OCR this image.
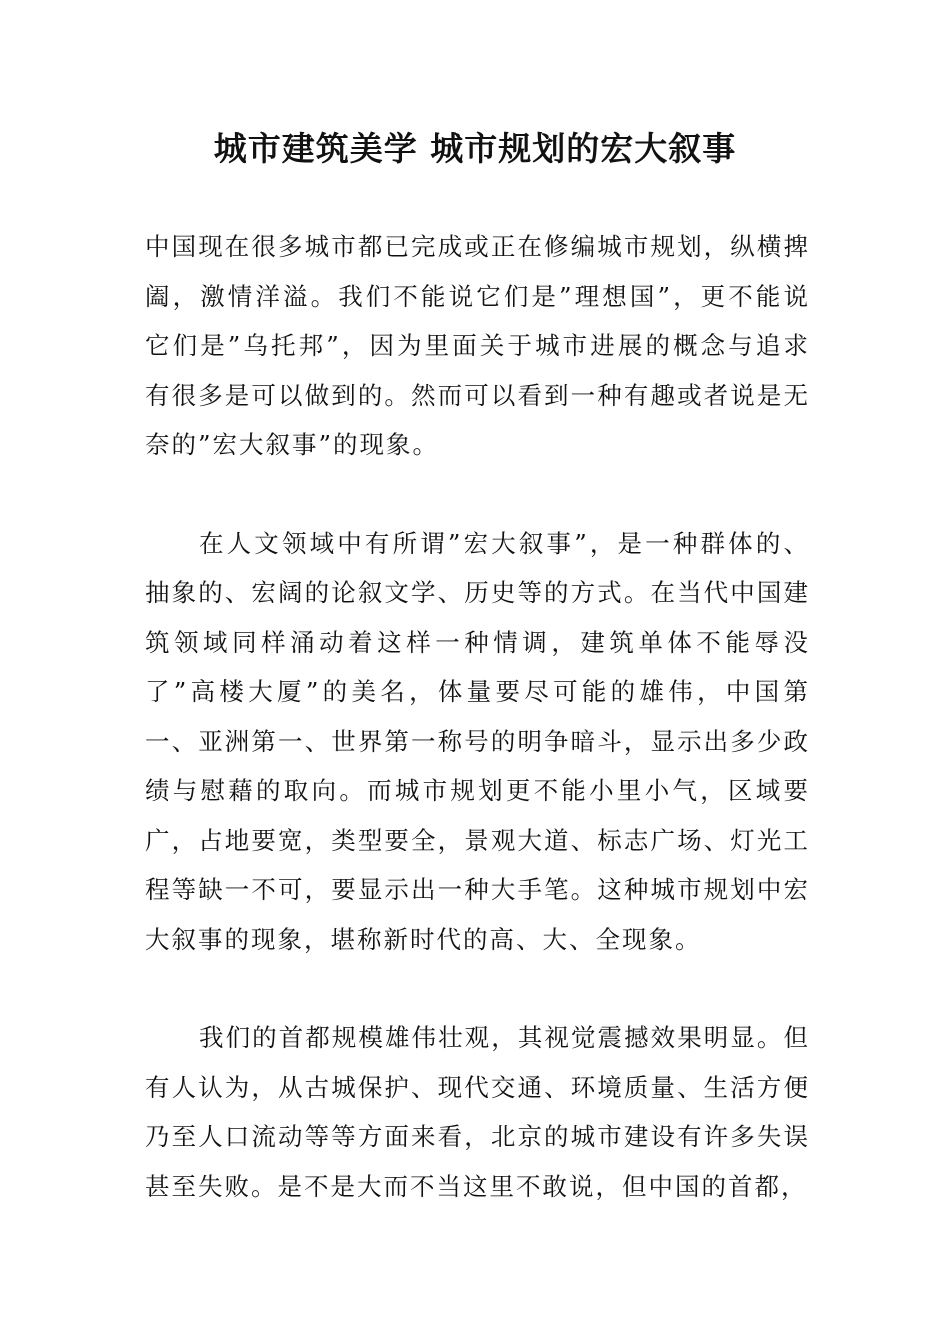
城市建筑美学 城市规划的宏大叙事

中国现在很多城市都已完成或正在修编城市规划，纵横捭阖，激情洋溢。我们不能说它们是”理想国”，更不能说它们是”乌托邦”，因为里面关于城市进展的概念与追求有很多是可以做到的。然而可以看到一种有趣或者说是无奈的”宏大叙事”的现象。

在人文领域中有所谓”宏大叙事”，是一种群体的、抽象的、宏阔的论叙文学、历史等的方式。在当代中国建筑领域同样涌动着这样一种情调，建筑单体不能辱没了”高楼大厦”的美名，体量要尽可能的雄伟，中国第一、亚洲第一、世界第一称号的明争暗斗，显示出多少政绩与慰藉的取向。而城市规划更不能小里小气，区域要广，占地要宽，类型要全，景观大道、标志广场、灯光工程等缺一不可，要显示出一种大手笔。这种城市规划中宏大叙事的现象，堪称新时代的高、大、全现象。

我们的首都规模雄伟壮观，其视觉震撼效果明显。但有人认为，从古城保护、现代交通、环境质量、生活方便乃至人口流动等等方面来看，北京的城市建设有许多失误甚至失败。是不是大而不当这里不敢说，但中国的首都，
